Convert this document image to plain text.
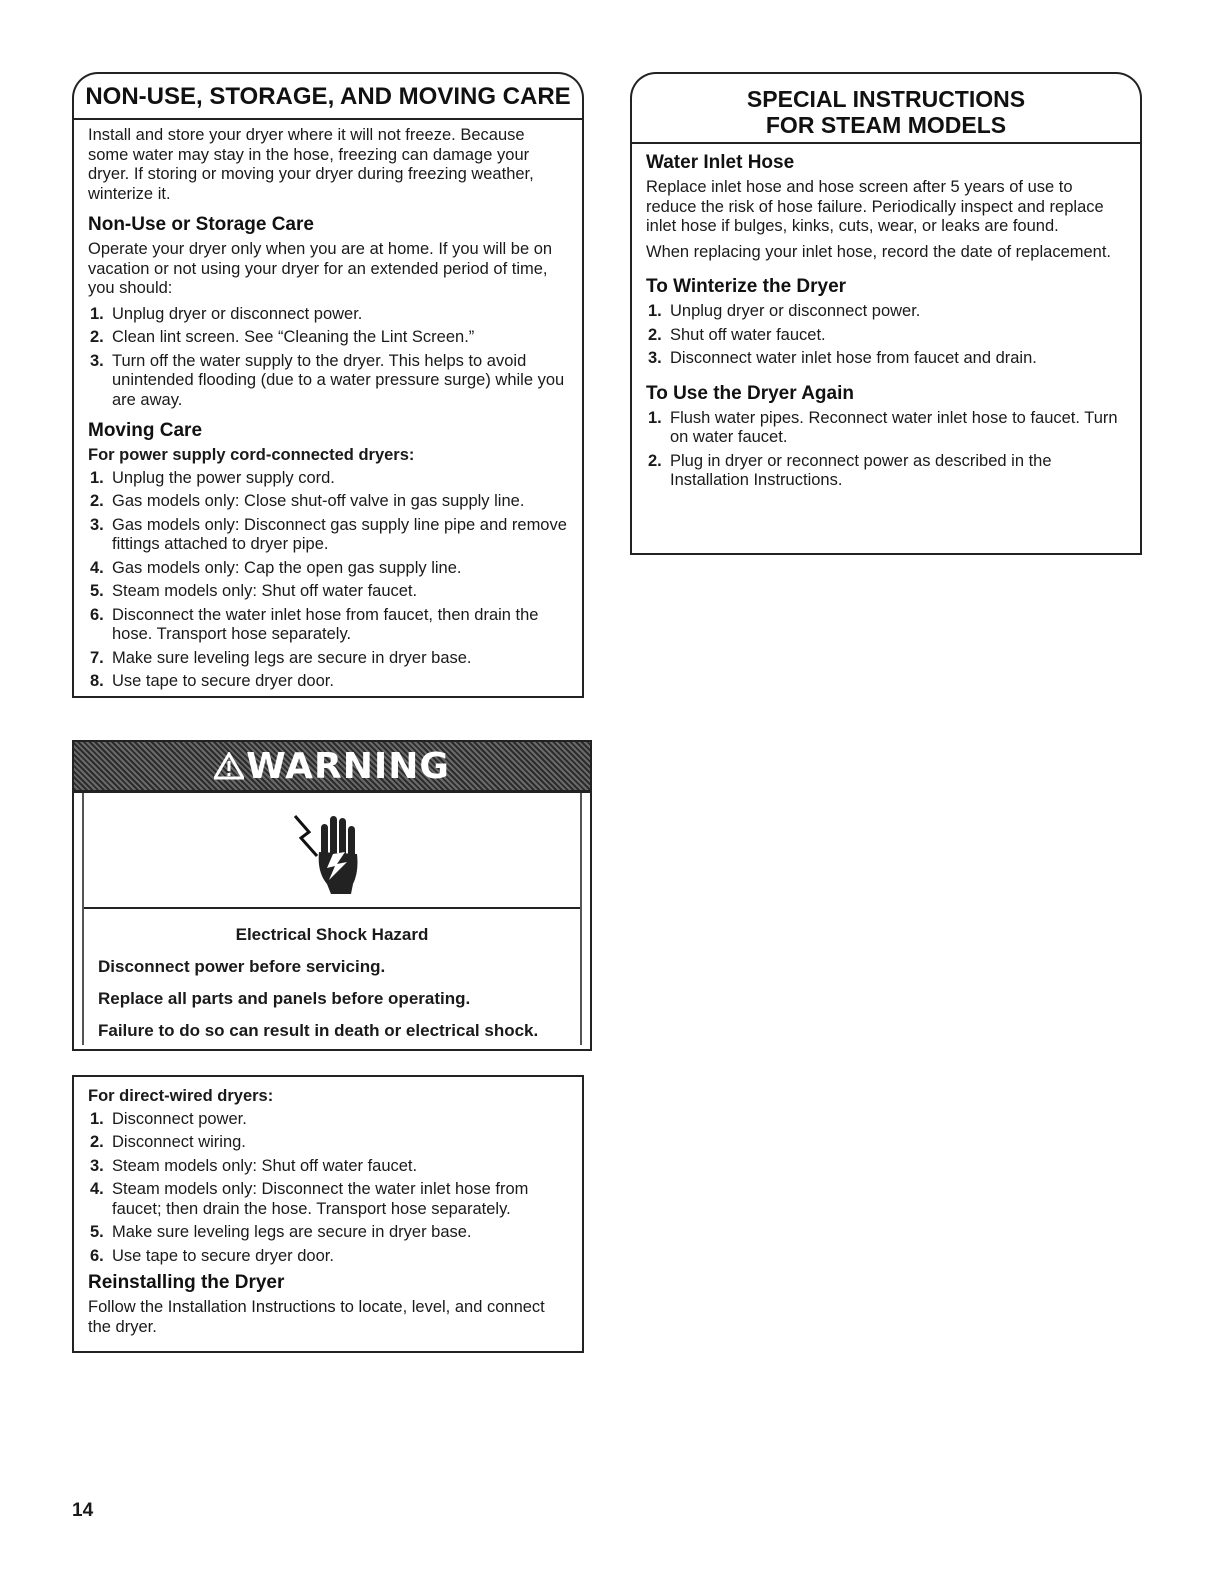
NON-USE, STORAGE, AND MOVING CARE

Install and store your dryer where it will not freeze. Because some water may stay in the hose, freezing can damage your dryer. If storing or moving your dryer during freezing weather, winterize it.

Non-Use or Storage Care

Operate your dryer only when you are at home. If you will be on vacation or not using your dryer for an extended period of time, you should:

1. Unplug dryer or disconnect power.
2. Clean lint screen. See “Cleaning the Lint Screen.”
3. Turn off the water supply to the dryer. This helps to avoid unintended flooding (due to a water pressure surge) while you are away.
Moving Care
For power supply cord-connected dryers:
1. Unplug the power supply cord.
2. Gas models only: Close shut-off valve in gas supply line.
3. Gas models only: Disconnect gas supply line pipe and remove fittings attached to dryer pipe.
4. Gas models only: Cap the open gas supply line.
5. Steam models only: Shut off water faucet.
6. Disconnect the water inlet hose from faucet, then drain the hose. Transport hose separately.
7. Make sure leveling legs are secure in dryer base.
8. Use tape to secure dryer door.
WARNING
Electrical Shock Hazard
Disconnect power before servicing.
Replace all parts and panels before operating.
Failure to do so can result in death or electrical shock.
For direct-wired dryers:
1. Disconnect power.
2. Disconnect wiring.
3. Steam models only: Shut off water faucet.
4. Steam models only: Disconnect the water inlet hose from faucet; then drain the hose. Transport hose separately.
5. Make sure leveling legs are secure in dryer base.
6. Use tape to secure dryer door.
Reinstalling the Dryer

Follow the Installation Instructions to locate, level, and connect the dryer.

SPECIAL INSTRUCTIONS
FOR STEAM MODELS
Water Inlet Hose

Replace inlet hose and hose screen after 5 years of use to reduce the risk of hose failure. Periodically inspect and replace inlet hose if bulges, kinks, cuts, wear, or leaks are found.

When replacing your inlet hose, record the date of replacement.

To Winterize the Dryer
1. Unplug dryer or disconnect power.
2. Shut off water faucet.
3. Disconnect water inlet hose from faucet and drain.
To Use the Dryer Again
1. Flush water pipes. Reconnect water inlet hose to faucet. Turn on water faucet.
2. Plug in dryer or reconnect power as described in the Installation Instructions.
14
